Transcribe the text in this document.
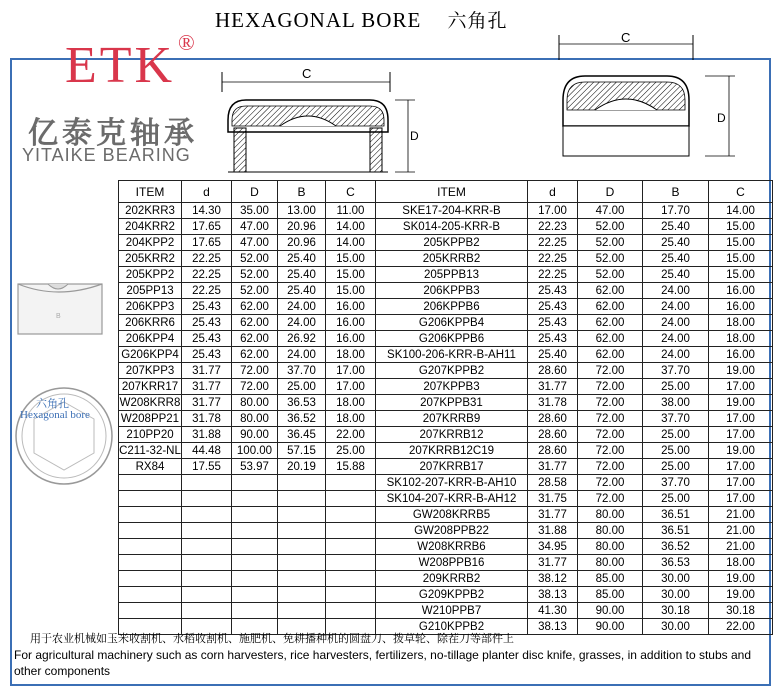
HEXAGONAL BORE 六角孔
ETK ®
亿泰克轴承
YITAIKE BEARING
C
D
C
D
B
六角孔
Hexagonal bore
ITEM	d	D	B	C	ITEM	d	D	B	C
202KRR3	14.30	35.00	13.00	11.00	SKE17-204-KRR-B	17.00	47.00	17.70	14.00
204KRR2	17.65	47.00	20.96	14.00	SK014-205-KRR-B	22.23	52.00	25.40	15.00
204KPP2	17.65	47.00	20.96	14.00	205KPPB2	22.25	52.00	25.40	15.00
205KRR2	22.25	52.00	25.40	15.00	205KRRB2	22.25	52.00	25.40	15.00
205KPP2	22.25	52.00	25.40	15.00	205PPB13	22.25	52.00	25.40	15.00
205PP13	22.25	52.00	25.40	15.00	206KPPB3	25.43	62.00	24.00	16.00
206KPP3	25.43	62.00	24.00	16.00	206KPPB6	25.43	62.00	24.00	16.00
206KRR6	25.43	62.00	24.00	16.00	G206KPPB4	25.43	62.00	24.00	18.00
206KPP4	25.43	62.00	26.92	16.00	G206KPPB6	25.43	62.00	24.00	18.00
G206KPP4	25.43	62.00	24.00	18.00	SK100-206-KRR-B-AH11	25.40	62.00	24.00	16.00
207KPP3	31.77	72.00	37.70	17.00	G207KPPB2	28.60	72.00	37.70	19.00
207KRR17	31.77	72.00	25.00	17.00	207KPPB3	31.77	72.00	25.00	17.00
W208KRR8	31.77	80.00	36.53	18.00	207KPPB31	31.78	72.00	38.00	19.00
W208PP21	31.78	80.00	36.52	18.00	207KRRB9	28.60	72.00	37.70	17.00
210PP20	31.88	90.00	36.45	22.00	207KRRB12	28.60	72.00	25.00	17.00
C211-32-NL	44.48	100.00	57.15	25.00	207KRRB12C19	28.60	72.00	25.00	19.00
RX84	17.55	53.97	20.19	15.88	207KRRB17	31.77	72.00	25.00	17.00
					SK102-207-KRR-B-AH10	28.58	72.00	37.70	17.00
					SK104-207-KRR-B-AH12	31.75	72.00	25.00	17.00
					GW208KRRB5	31.77	80.00	36.51	21.00
					GW208PPB22	31.88	80.00	36.51	21.00
					W208KRRB6	34.95	80.00	36.52	21.00
					W208PPB16	31.77	80.00	36.53	18.00
					209KRRB2	38.12	85.00	30.00	19.00
					G209KPPB2	38.13	85.00	30.00	19.00
					W210PPB7	41.30	90.00	30.18	30.18
					G210KPPB2	38.13	90.00	30.00	22.00
用于农业机械如玉米收割机、水稻收割机、施肥机、免耕播种机的圆盘刀、拨草轮、除茬刀等部件上
For agricultural machinery such as corn harvesters, rice harvesters, fertilizers, no-tillage planter disc knife, grasses, in addition to stubs and other components
